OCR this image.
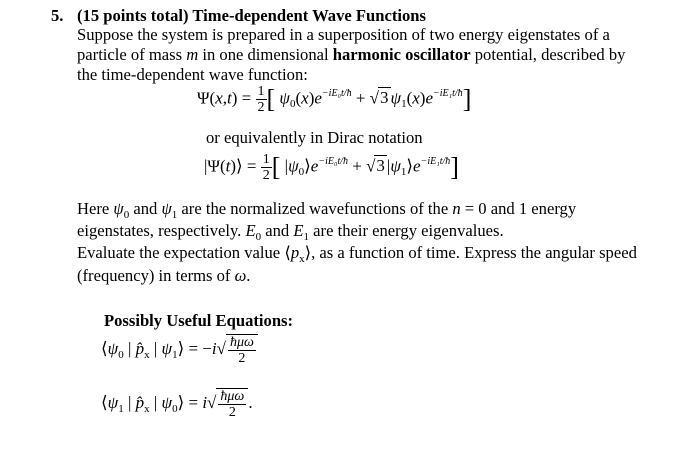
5. (15 points total) Time-dependent Wave Functions
Suppose the system is prepared in a superposition of two energy eigenstates of a
particle of mass m in one dimensional harmonic oscillator potential, described by
the time-dependent wave function:
$\Psi(x,t) = \frac{1}{2}$ [ $\psi_0(x)e^{-iE_0t/ħ} + √3$ $\psi_1(x)e^{-iE_1t/ħ}$]
or equivalently in Dirac notation
|Ψ(t)⟩ = $\frac{1}{2}$ [ $|\psi_0⟩e^{-iE_0t/ħ} + √3$ $|\psi_1⟩e^{-iE_1t/ħ}$]
Here $\psi_0$ and $\psi_1$ are the normalized wavefunctions of the n = 0 and 1 energy
eigenstates, respectively. $E_0$ and $E_1$ are their energy eigenvalues.
Evaluate the expectation value $⟨p_x⟩$, as a function of time. Express the angular speed
(frequency) in terms of ω.
Possibly Useful Equations:
$⟨\psi_0$ | $p̂_x$ | $\psi_1⟩ = -i√ \frac{\text{ħμω}}{2}$
$⟨\psi_1$ | $p̂_x$ | $\psi_0⟩ = i√ \frac{\text{ħμω}}{2}$ .
